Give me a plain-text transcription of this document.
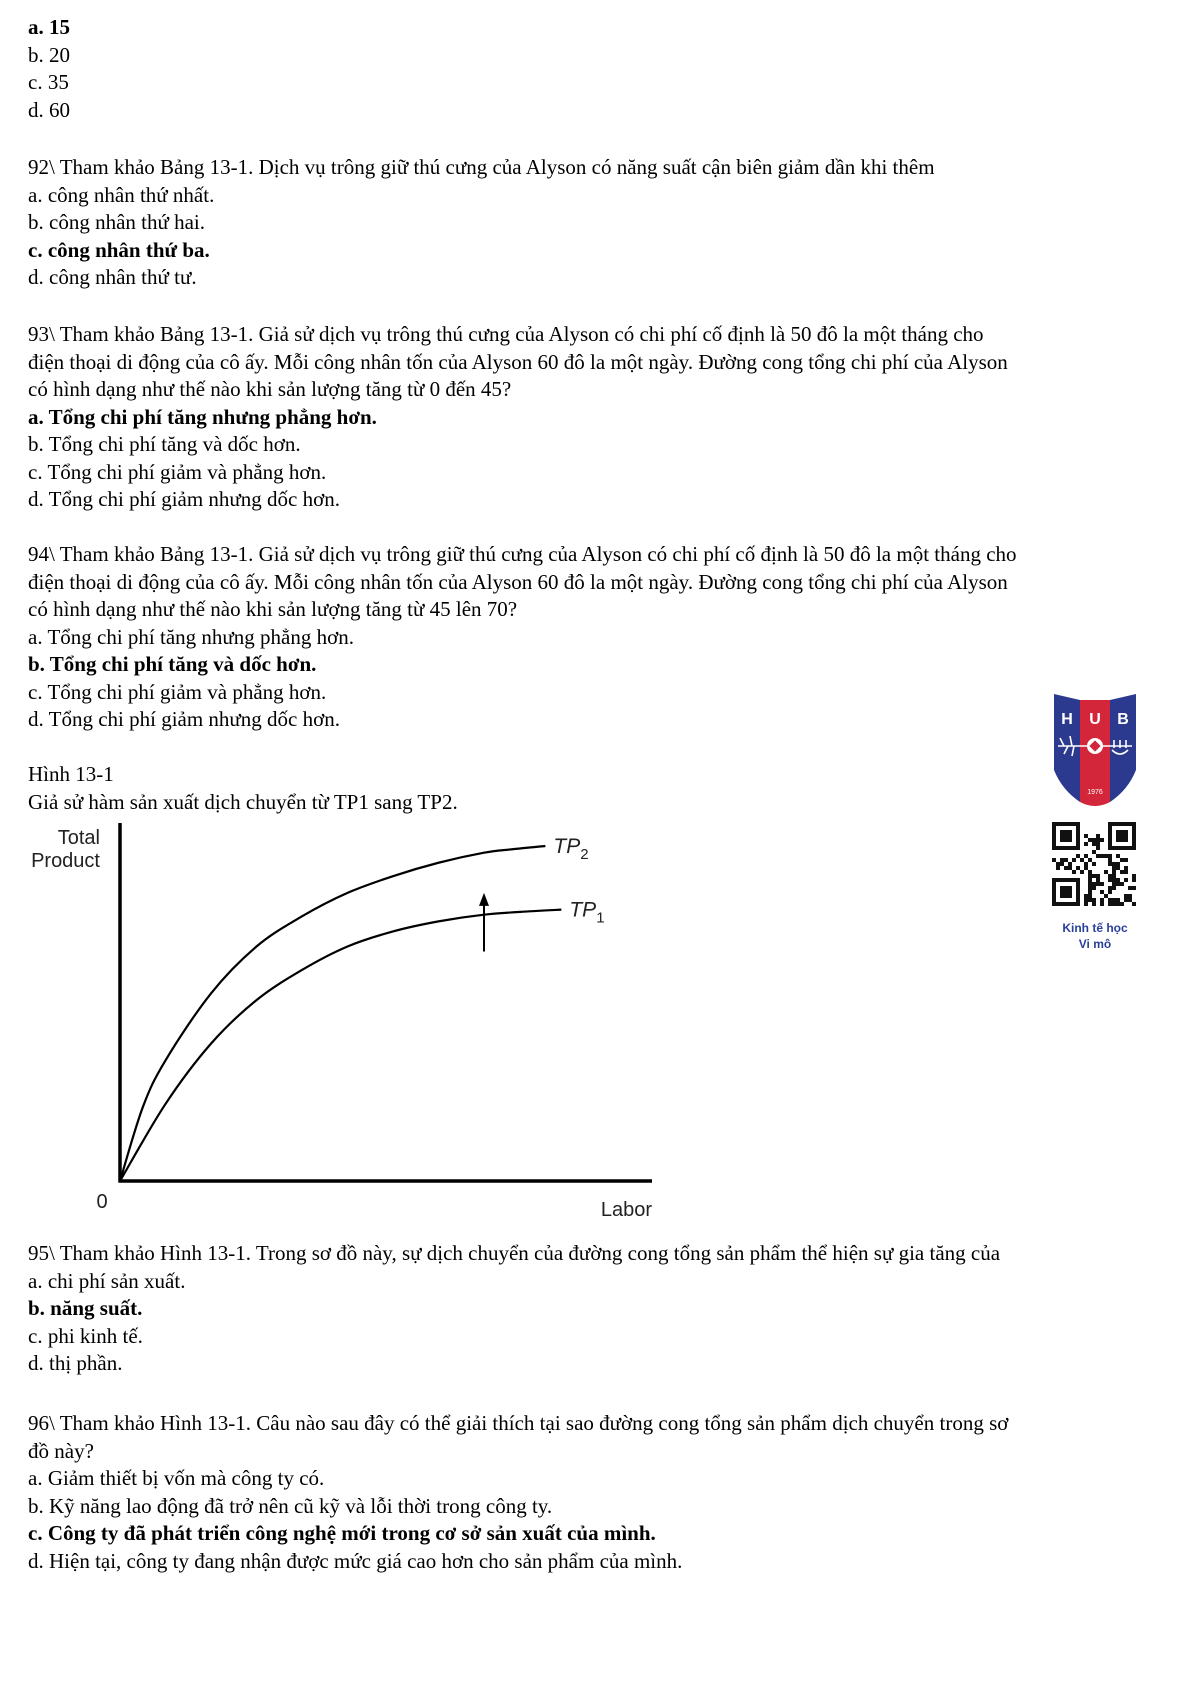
a. 15
b. 20
c. 35
d. 60
92\ Tham khảo Bảng 13-1. Dịch vụ trông giữ thú cưng của Alyson có năng suất cận biên giảm dần khi thêm
a. công nhân thứ nhất.
b. công nhân thứ hai.
c. công nhân thứ ba.
d. công nhân thứ tư.
93\ Tham khảo Bảng 13-1. Giả sử dịch vụ trông thú cưng của Alyson có chi phí cố định là 50 đô la một tháng cho
điện thoại di động của cô ấy. Mỗi công nhân tốn của Alyson 60 đô la một ngày. Đường cong tổng chi phí của Alyson
có hình dạng như thế nào khi sản lượng tăng từ 0 đến 45?
a. Tổng chi phí tăng nhưng phẳng hơn.
b. Tổng chi phí tăng và dốc hơn.
c. Tổng chi phí giảm và phẳng hơn.
d. Tổng chi phí giảm nhưng dốc hơn.
94\ Tham khảo Bảng 13-1. Giả sử dịch vụ trông giữ thú cưng của Alyson có chi phí cố định là 50 đô la một tháng cho
điện thoại di động của cô ấy. Mỗi công nhân tốn của Alyson 60 đô la một ngày. Đường cong tổng chi phí của Alyson
có hình dạng như thế nào khi sản lượng tăng từ 45 lên 70?
a. Tổng chi phí tăng nhưng phẳng hơn.
b. Tổng chi phí tăng và dốc hơn.
c. Tổng chi phí giảm và phẳng hơn.
d. Tổng chi phí giảm nhưng dốc hơn.
Hình 13-1
Giả sử hàm sản xuất dịch chuyển từ TP1 sang TP2.
Total
Product
Labor
0
$TP_1$
$TP_2$
H U B
1976
Kinh tế học
Vi mô
95\ Tham khảo Hình 13-1. Trong sơ đồ này, sự dịch chuyển của đường cong tổng sản phẩm thể hiện sự gia tăng của
a. chi phí sản xuất.
b. năng suất.
c. phi kinh tế.
d. thị phần.
96\ Tham khảo Hình 13-1. Câu nào sau đây có thể giải thích tại sao đường cong tổng sản phẩm dịch chuyển trong sơ
đồ này?
a. Giảm thiết bị vốn mà công ty có.
b. Kỹ năng lao động đã trở nên cũ kỹ và lỗi thời trong công ty.
c. Công ty đã phát triển công nghệ mới trong cơ sở sản xuất của mình.
d. Hiện tại, công ty đang nhận được mức giá cao hơn cho sản phẩm của mình.
